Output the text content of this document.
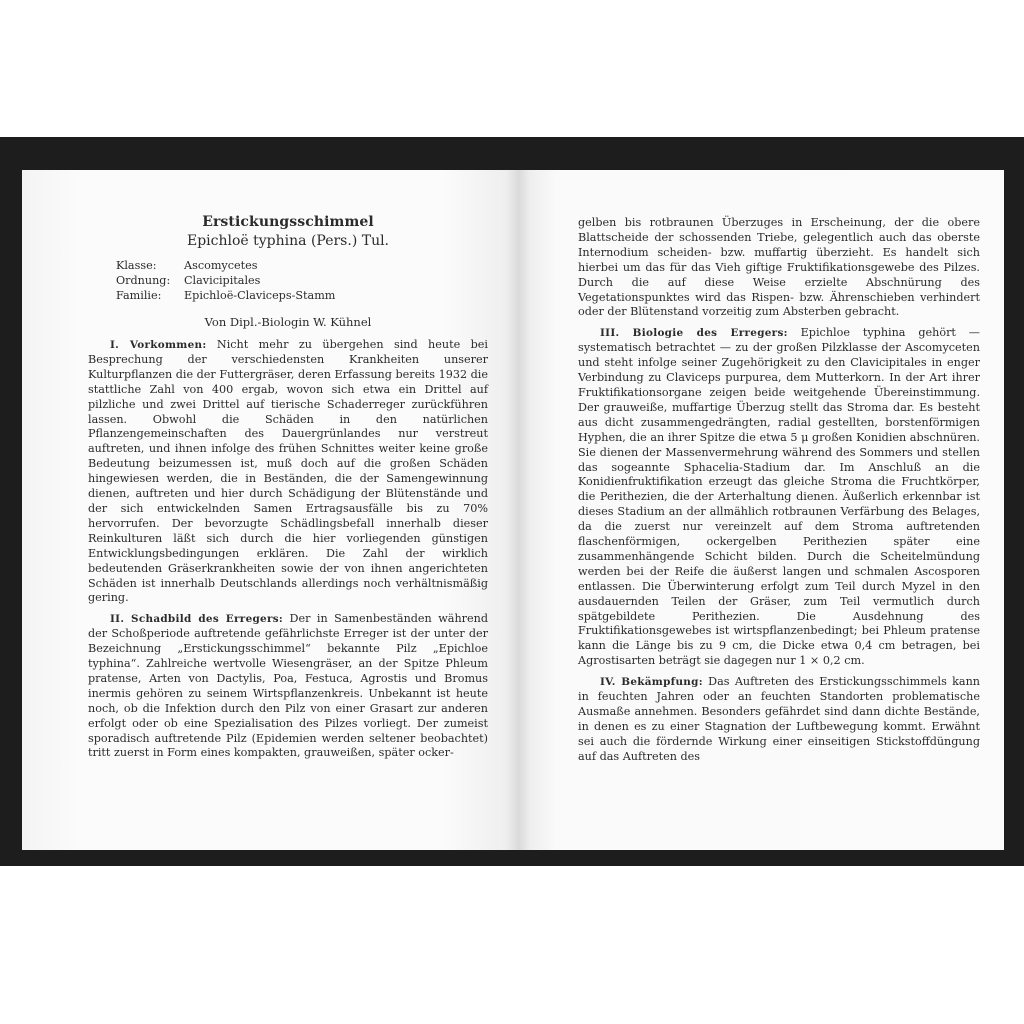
Erstickungsschimmel
Epichloë typhina (Pers.) Tul.
Klasse:	Ascomycetes
Ordnung:	Clavicipitales
Familie:	Epichloë-Claviceps-Stamm
Von Dipl.-Biologin W. Kühnel

I. Vorkommen: Nicht mehr zu übergehen sind heute bei Besprechung der verschiedensten Krankheiten unserer Kulturpflanzen die der Futtergräser, deren Erfassung bereits 1932 die stattliche Zahl von 400 ergab, wovon sich etwa ein Drittel auf pilzliche und zwei Drittel auf tierische Schaderreger zurückführen lassen. Obwohl die Schäden in den natürlichen Pflanzengemeinschaften des Dauergrünlandes nur verstreut auftreten, und ihnen infolge des frühen Schnittes weiter keine große Bedeutung beizumessen ist, muß doch auf die großen Schäden hingewiesen werden, die in Beständen, die der Samengewinnung dienen, auftreten und hier durch Schädigung der Blütenstände und der sich entwickelnden Samen Ertragsausfälle bis zu 70% hervorrufen. Der bevorzugte Schädlingsbefall innerhalb dieser Reinkulturen läßt sich durch die hier vorliegenden günstigen Entwicklungsbedingungen erklären. Die Zahl der wirklich bedeutenden Gräserkrankheiten sowie der von ihnen angerichteten Schäden ist innerhalb Deutschlands allerdings noch verhältnismäßig gering.

II. Schadbild des Erregers: Der in Samenbeständen während der Schoßperiode auftretende gefährlichste Erreger ist der unter der Bezeichnung „Erstickungsschimmel“ bekannte Pilz „Epichloe typhina“. Zahlreiche wertvolle Wiesengräser, an der Spitze Phleum pratense, Arten von Dactylis, Poa, Festuca, Agrostis und Bromus inermis gehören zu seinem Wirtspflanzenkreis. Unbekannt ist heute noch, ob die Infektion durch den Pilz von einer Grasart zur anderen erfolgt oder ob eine Spezialisation des Pilzes vorliegt. Der zumeist sporadisch auftretende Pilz (Epidemien werden seltener beobachtet) tritt zuerst in Form eines kompakten, grauweißen, später ocker-

gelben bis rotbraunen Überzuges in Erscheinung, der die obere Blattscheide der schossenden Triebe, gelegentlich auch das oberste Internodium scheiden- bzw. muffartig überzieht. Es handelt sich hierbei um das für das Vieh giftige Fruktifikationsgewebe des Pilzes. Durch die auf diese Weise erzielte Abschnürung des Vegetationspunktes wird das Rispen- bzw. Ährenschieben verhindert oder der Blütenstand vorzeitig zum Absterben gebracht.

III. Biologie des Erregers: Epichloe typhina gehört — systematisch betrachtet — zu der großen Pilzklasse der Ascomyceten und steht infolge seiner Zugehörigkeit zu den Clavicipitales in enger Verbindung zu Claviceps purpurea, dem Mutterkorn. In der Art ihrer Fruktifikationsorgane zeigen beide weitgehende Übereinstimmung. Der grauweiße, muffartige Überzug stellt das Stroma dar. Es besteht aus dicht zusammengedrängten, radial gestellten, borstenförmigen Hyphen, die an ihrer Spitze die etwa 5 μ großen Konidien abschnüren. Sie dienen der Massenvermehrung während des Sommers und stellen das sogeannte Sphacelia-Stadium dar. Im Anschluß an die Konidienfruktifikation erzeugt das gleiche Stroma die Fruchtkörper, die Perithezien, die der Arterhaltung dienen. Äußerlich erkennbar ist dieses Stadium an der allmählich rotbraunen Verfärbung des Belages, da die zuerst nur vereinzelt auf dem Stroma auftretenden flaschenförmigen, ockergelben Perithezien später eine zusammenhängende Schicht bilden. Durch die Scheitelmündung werden bei der Reife die äußerst langen und schmalen Ascosporen entlassen. Die Überwinterung erfolgt zum Teil durch Myzel in den ausdauernden Teilen der Gräser, zum Teil vermutlich durch spätgebildete Perithezien. Die Ausdehnung des Fruktifikationsgewebes ist wirtspflanzenbedingt; bei Phleum pratense kann die Länge bis zu 9 cm, die Dicke etwa 0,4 cm betragen, bei Agrostisarten beträgt sie dagegen nur 1 × 0,2 cm.

IV. Bekämpfung: Das Auftreten des Erstickungsschimmels kann in feuchten Jahren oder an feuchten Standorten problematische Ausmaße annehmen. Besonders gefährdet sind dann dichte Bestände, in denen es zu einer Stagnation der Luftbewegung kommt. Erwähnt sei auch die fördernde Wirkung einer einseitigen Stickstoffdüngung auf das Auftreten des
